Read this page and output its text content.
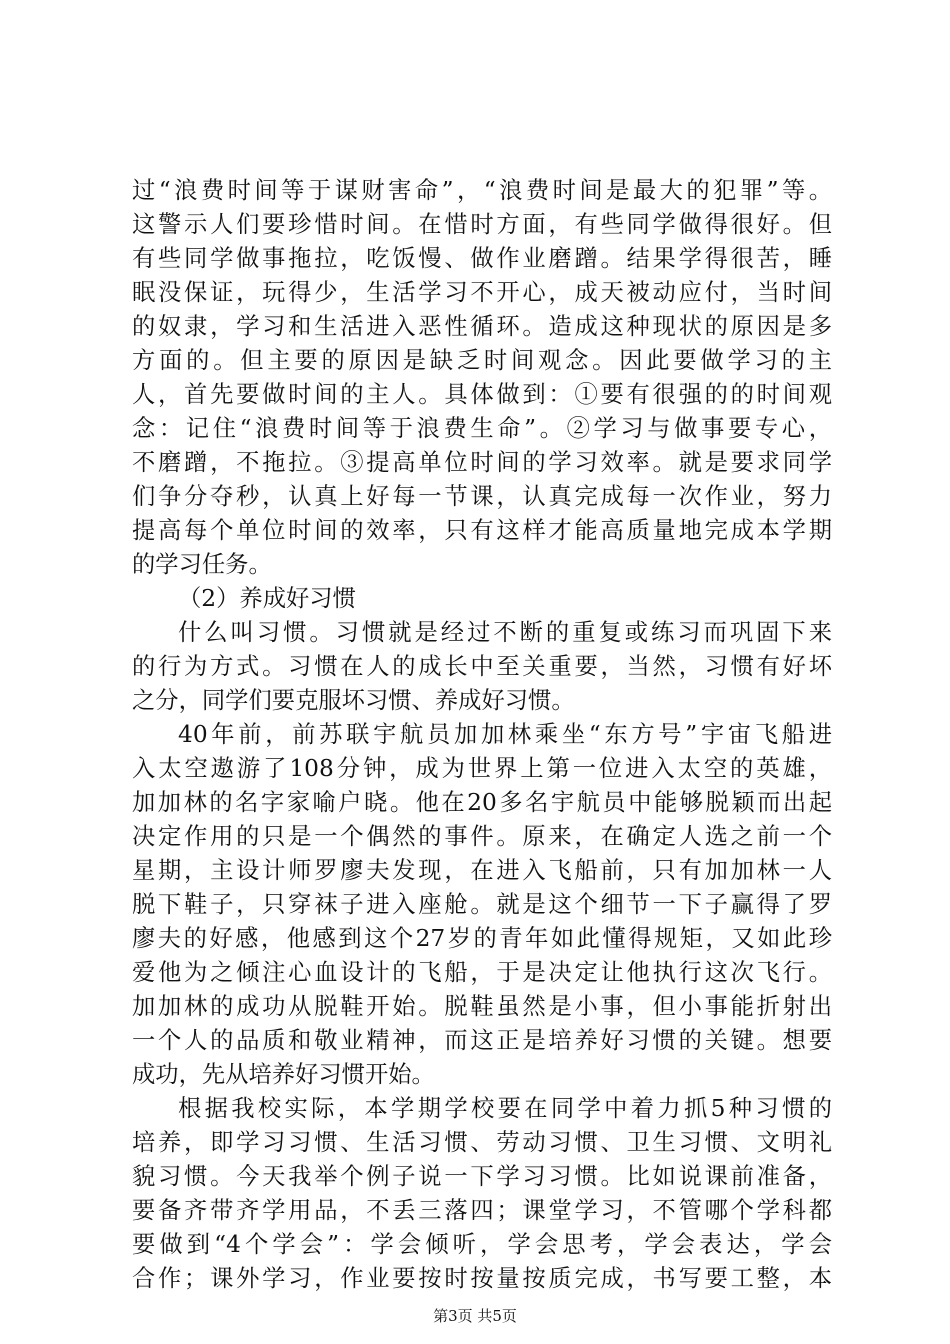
过“浪费时间等于谋财害命”，“浪费时间是最大的犯罪”等。
这警示人们要珍惜时间。在惜时方面，有些同学做得很好。但
有些同学做事拖拉，吃饭慢、做作业磨蹭。结果学得很苦，睡
眠没保证，玩得少，生活学习不开心，成天被动应付，当时间
的奴隶，学习和生活进入恶性循环。造成这种现状的原因是多
方面的。但主要的原因是缺乏时间观念。因此要做学习的主
人，首先要做时间的主人。具体做到：①要有很强的的时间观
念：记住“浪费时间等于浪费生命”。②学习与做事要专心，
不磨蹭，不拖拉。③提高单位时间的学习效率。就是要求同学
们争分夺秒，认真上好每一节课，认真完成每一次作业，努力
提高每个单位时间的效率，只有这样才能高质量地完成本学期
的学习任务。
（2）养成好习惯
什么叫习惯。习惯就是经过不断的重复或练习而巩固下来
的行为方式。习惯在人的成长中至关重要，当然，习惯有好坏
之分，同学们要克服坏习惯、养成好习惯。
40年前，前苏联宇航员加加林乘坐“东方号”宇宙飞船进
入太空遨游了108分钟，成为世界上第一位进入太空的英雄，
加加林的名字家喻户晓。他在20多名宇航员中能够脱颖而出起
决定作用的只是一个偶然的事件。原来，在确定人选之前一个
星期，主设计师罗廖夫发现，在进入飞船前，只有加加林一人
脱下鞋子，只穿袜子进入座舱。就是这个细节一下子赢得了罗
廖夫的好感，他感到这个27岁的青年如此懂得规矩，又如此珍
爱他为之倾注心血设计的飞船，于是决定让他执行这次飞行。
加加林的成功从脱鞋开始。脱鞋虽然是小事，但小事能折射出
一个人的品质和敬业精神，而这正是培养好习惯的关键。想要
成功，先从培养好习惯开始。
根据我校实际，本学期学校要在同学中着力抓5种习惯的
培养，即学习习惯、生活习惯、劳动习惯、卫生习惯、文明礼
貌习惯。今天我举个例子说一下学习习惯。比如说课前准备，
要备齐带齐学用品，不丢三落四；课堂学习，不管哪个学科都
要做到“4个学会”：学会倾听，学会思考，学会表达，学会
合作；课外学习，作业要按时按量按质完成，书写要工整，本
第3页 共5页
